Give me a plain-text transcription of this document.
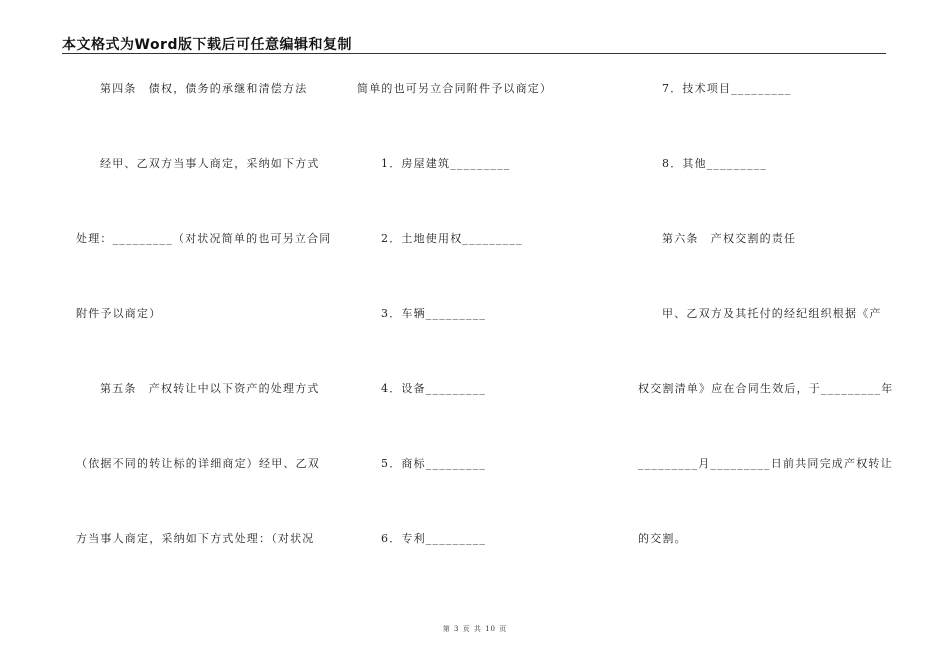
本文格式为Word版下载后可任意编辑和复制
第四条　债权，债务的承继和清偿方法
经甲、乙双方当事人商定，采纳如下方式
处理：_________（对状况简单的也可另立合同
附件予以商定）
第五条　产权转让中以下资产的处理方式
（依据不同的转让标的详细商定）经甲、乙双
方当事人商定，采纳如下方式处理：（对状况
简单的也可另立合同附件予以商定）
1．房屋建筑_________
2．土地使用权_________
3．车辆_________
4．设备_________
5．商标_________
6．专利_________
7．技术项目_________
8．其他_________
第六条　产权交割的责任
甲、乙双方及其托付的经纪组织根据《产
权交割清单》应在合同生效后，于_________年
_________月_________日前共同完成产权转让
的交割。
第 3 页 共 10 页
